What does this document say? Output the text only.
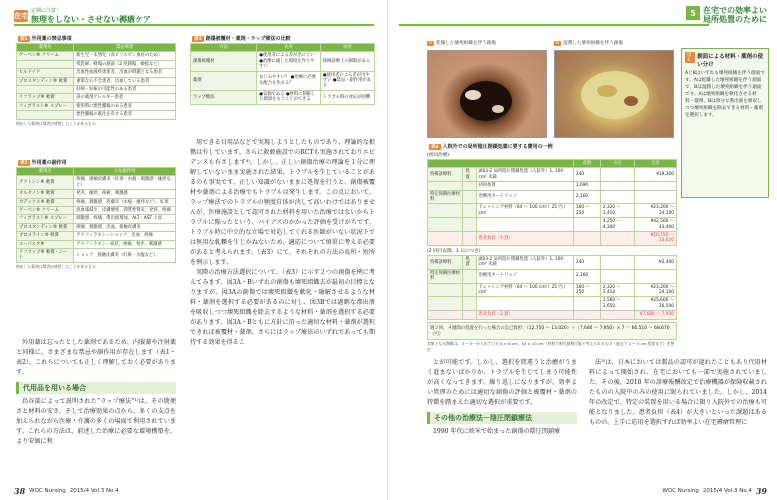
在宅
定期に注意！
無理をしない・させない褥瘡ケア
表1 外用薬の禁忌事項
薬剤名	禁忌事項
ゲーベン® クリーム	新生児・未熟児（高ビリルビン血症のため）
	授乳婦、軽傷の創面（2 度熱傷、瘢痕など）
ヒルドイド	出血性血液疾患患者、出血が問題となる患者
プロスタンディン® 軟膏	重篤な心不全患者、出血している患者
	妊婦・妊娠の可能性のある患者
リフラップ® 軟膏	誤の薬剤アレルギー患者
フィブラスト® スプレー	使用時に悪性腫瘍のある患者
	悪性腫瘍の既往を有する患者
病出した薬剤は筆者が使用したことがあるもの
表2 外用薬の副作用
薬剤名	主な副作用
アクトシン® 軟膏	疼痛、接触皮膚炎（紅斑・水疱・刺激感・瘙痒など）
オルセノン® 軟膏	発赤、瘙痒、疼痛、刺激感
カデックス® 軟膏	疼痛、刺激感、皮膚炎（水疱・瘙痒など）、紅斑
ゲーベン® クリーム	汎血球減少、皮膚壊死、間質性腎炎、発疹、疼痛
フィブラスト® スプレー	刺激感、疼痛、滲出液増加、ALT・AST 上昇
プロスタンディン® 軟膏	疼痛、刺激感、出血、接触皮膚炎
ブロメライン® 軟膏	アナフィラキシーショック、出血、疼痛
ユーパスタ®	アナフィラキシー症状、疼痛、発赤、刺激感
リフラップ® 軟膏・シート	ショック、接触皮膚炎（紅斑・水疱など）
病出した薬剤は筆者が使用したことがあるもの

外用薬は忘ったとした薬剤であるため、内服薬や注射薬と同様に、さまざまな禁忌や副作用が存在します（表1・表2）。これらについても正しく理解しておく必要があります。

代用品を用いる場合

鳥谷部によって説明された“ラップ療法”¹⁾は、その簡便さと材料の安さ、そして治療効果の点から、多くの支点を加えられながら医療・介護の多くの場面で利用されています。これらの方法は、前述した治療に必要な環境構築を、より安価に利

表3 創傷被覆材・薬剤・ラップ療法の比較
方法	長所	短所
創傷被覆材	●使用者による差が出にくい ●治療に適した環境を作りやすい	保険診療上の制限がある
薬剤	なじみやすい？ ●治療に必要な配合を作れる？	●使用者による差が出やすい ●禁忌・副作用がある
ラップ療法	●安価である ●材料に制限した環境をもうことがてきる	トラブル時の対応が困難

用できる目用品などで実現しようとしたものであり、理論的な根拠は有しています。さらに救敢施設でのRCTも実施されておりエビデンスも有さします⁴⁾。しかし、正しい創傷治療の理論を１分に理解していないまま実施された結果、トラブルを生じていることがあるのも事実です。正しい知識がないままに処置を行うと、創傷被覆材や薬剤による治療でもトラブルは発生します。この点において、ラップ療法でのトラブルの頻度自体が決して高いわけではありませんが、医療施設として認可された材料を用いた治療ではないからトラブルに陥ったという、バイアスのかかった評価を受けがちです。トラブル時に中立的な立場で対応してくれる医師がいない状況下では無用な軋轢を生じかねないため、適応について慎重に考える必要があると考えられます。（表3）にて、それぞれの方法の長所・短所を例示します。

実際の治療方法選択について、（表3）に示す２つの創傷を例に考えてみます。図3A・Bいずれの創傷も壊死組織去が最初の目標となりますが、図3Aの創傷では壊死組織を軟化・融解させるような材料・薬剤を選択する必要があるのに対し、図3Bでは過剰な滲出液を吸収しつつ壊死組織を除去するような材料・薬剤を選択する必要があります。図3A・Bともに方針に沿った適切な材料・薬剤が選択できれば被覆材・薬剤、さらにはラップ療法のいずれであっても期待する効果を得るこ

38 WOC Nursing 2015/4 Vol.3 No.4
5 在宅での効率よい
局所処置のために
A 乾燥した壊死組織を伴う創傷	B 湿潤した壊死組織を伴う創傷
図3
創面による材料・薬剤の使い分け
AとBはいずれも壊死組織を伴う創面です。Aは乾燥した壊死組織を伴う創面で、Bは湿潤した壊死組織を伴う創面です。Aは壊死組織を軟化させる材料・薬剤、Bは余分な滲出液を吸収しつつ壊死組織を除去できる材料・薬剤を選択します。
表4 入院外での局所陰圧閉鎖処置に要する費用の一例
(初回治療)
			点数	小計	合計
特掲診療料	処置	J003-2 局所陰圧閉鎖処置（入院外）1, 100 cm² 未満	240		¥19,300
		初回加算	1,690		
特定保険医療材料		治療用カートリッジ	2,160		
		ドレッシング材料（64 ～ 100 cm²）25 円 / cm²	160 ～ 250	2,320 ～ 2,410	¥23,200 ～ 24,100
				4,250 ～ 4,340	¥42,500 ～ 43,400
		患者負担（3 割）			¥10,750 ～ 13,020
(2 回目以降、1 日につき)
特掲診療料	処置	J003-2 局所陰圧閉鎖処置（入院外）1, 100 cm² 未満	240		¥2,400
特定保険医療材料		治療用カートリッジ	2,160		
		ドレッシング材料（64 ～ 100 cm²）25 円 / cm²	160 ～ 250	2,320 ～ 2,410	¥23,200 ～ 24,100
				2,560 ～ 2,650	¥25,600 ～ 26,500
		患者負担（3 割）			¥7,680 ～ 7,950
週２回、４週間の処置を行った場合の自己負担：（12,750 ～ 13,020）＋（7,680 ～ 7,950）× 7 ＝ 66,510 ～ 68,670（円）
対象となる創傷は、メーカーから出ている 8 × 8 cm、10 × 10 cm（材料で割引価格可能と考えられるもの（過去で 4 ～ 5 cm 程度まで）を想定

とが可能です。しかし、選択を間違うと治癒がうまく進まないばかりか、トラブルを生じてしまう可能性が高くなってきます。繰り返しになりますが、効率よい管理のためには適切な創傷の評価と被覆材・薬剤の特徴を踏まえた適切な選択が重要です。

その他の治療法－陰圧閉鎖療法

1990 年代に欧米で始まった創傷の陰圧閉鎖療

法⁵⁾は、日本においては製品の認可が遅れたこともあり代用材料によって開始され、在宅においても一部で実施されていました。その後、2010 年の診療報酬改定で治療機器が保険収載されたものの入院中のみの使用に限られていました。しかし、2014 年の改定で、特定の装置を用いる場合に限り入院外での治療も可能となりました。患者負担（表4）が大きいといった課題はあるものの、上手に応用を選択すれば効率よい在宅褥瘡管理に

WOC Nursing 2015/4 Vol.3 No.4 39
